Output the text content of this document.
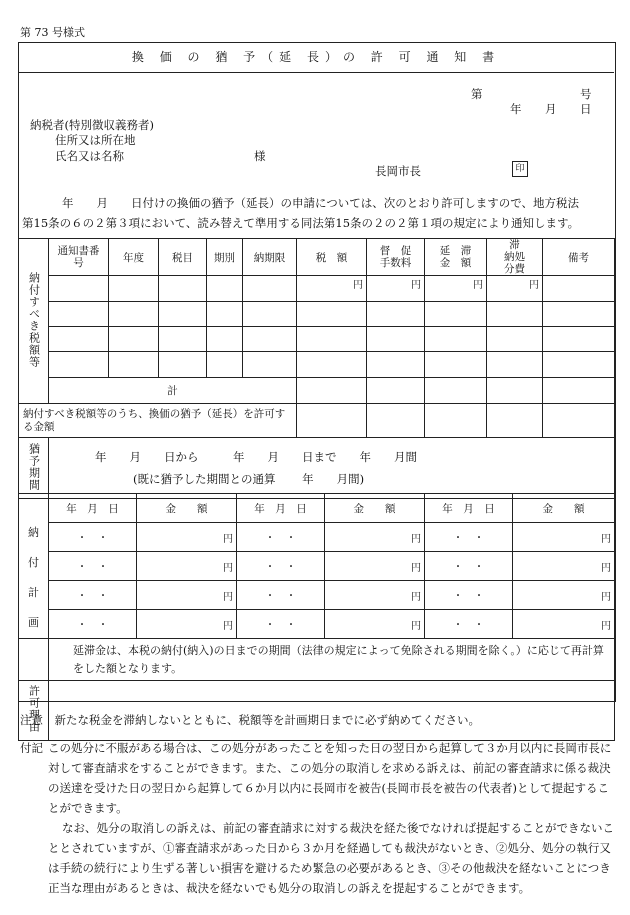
第 73 号様式
換 価 の 猶 予（延 長）の 許 可 通 知 書
第	号
年 月 日
納税者(特別徴収義務者)
住所又は所在地
氏名又は名称	様
長岡市長	印
年　　月　　日付けの換価の猶予（延長）の申請については、次のとおり許可しますので、地方税法
第15条の６の２第３項において、読み替えて準用する同法第15条の２の２第１項の規定により通知します。
納付すべき税額等	通知書番　号	年度	税目	期別	納期限	税　額	督　促手数料	延　滞金　額	滞　納処分費	備考
						円	円	円	円	

	計									
納付すべき税額等のうち、換価の猶予（延長）を許可する金額										
猶予期間	年　　月　　日から　　　年　　月　　日まで　　年　　月間
(既に猶予した期間との通算　　 年　　月間)									
納
付
計
画	年　月　日	金　　額	年　月　日	金　　額	年　月　日	金　　額
	・　・	円	・　・	円	・　・	円
	・　・	円	・　・	円	・　・	円
	・　・	円	・　・	円	・　・	円
	・　・	円	・　・	円	・　・	円
	延滞金は、本税の納付(納入)の日までの期間（法律の規定によって免除される期間を除く。）に応じて再計算をした額となります。					
許可理由						
注意　新たな税金を滞納しないとともに、税額等を計画期日までに必ず納めてください。
付記 この処分に不服がある場合は、この処分があったことを知った日の翌日から起算して３か月以内に長岡市長に対して審査請求をすることができます。また、この処分の取消しを求める訴えは、前記の審査請求に係る裁決の送達を受けた日の翌日から起算して６か月以内に長岡市を被告(長岡市長を被告の代表者)として提起することができます。
なお、処分の取消しの訴えは、前記の審査請求に対する裁決を経た後でなければ提起することができないこととされていますが、①審査請求があった日から３か月を経過しても裁決がないとき、②処分、処分の執行又は手続の続行により生ずる著しい損害を避けるため緊急の必要があるとき、③その他裁決を経ないことにつき正当な理由があるときは、裁決を経ないでも処分の取消しの訴えを提起することができます。
